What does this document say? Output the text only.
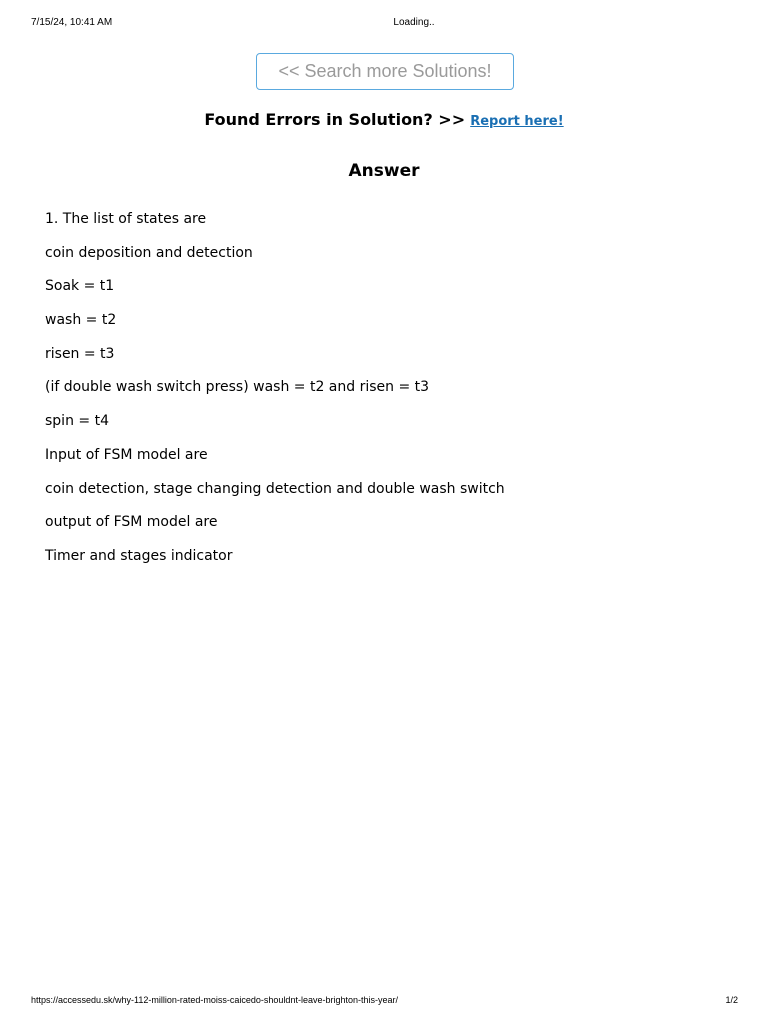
7/15/24, 10:41 AM	Loading..
<< Search more Solutions!
Found Errors in Solution? >> Report here!
Answer

1. The list of states are

coin deposition and detection

Soak = t1

wash = t2

risen = t3

(if double wash switch press) wash = t2 and risen = t3

spin = t4

Input of FSM model are

coin detection, stage changing detection and double wash switch

output of FSM model are

Timer and stages indicator

https://accessedu.sk/why-112-million-rated-moiss-caicedo-shouldnt-leave-brighton-this-year/	1/2
